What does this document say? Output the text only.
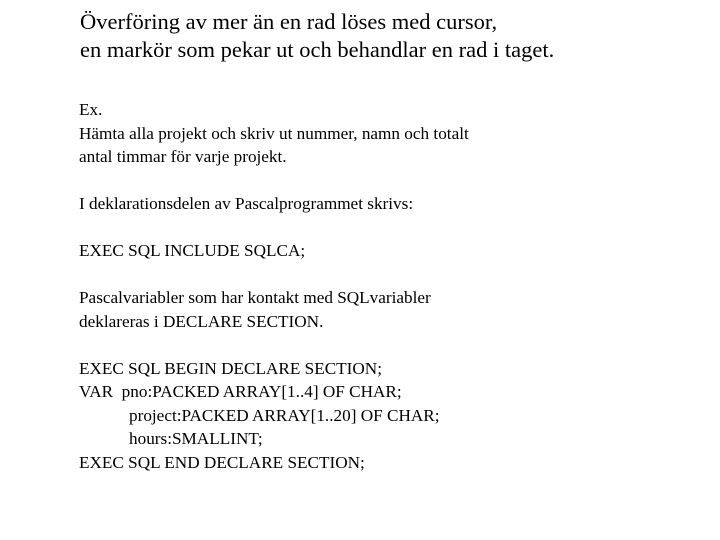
Överföring av mer än en rad löses med cursor,
en markör som pekar ut och behandlar en rad i taget.
Ex.
Hämta alla projekt och skriv ut nummer, namn och totalt
antal timmar för varje projekt.
I deklarationsdelen av Pascalprogrammet skrivs:
EXEC SQL INCLUDE SQLCA;
Pascalvariabler som har kontakt med SQLvariabler
deklareras i DECLARE SECTION.
EXEC SQL BEGIN DECLARE SECTION;
VAR  pno:PACKED ARRAY[1..4] OF CHAR;
project:PACKED ARRAY[1..20] OF CHAR;
hours:SMALLINT;
EXEC SQL END DECLARE SECTION;
